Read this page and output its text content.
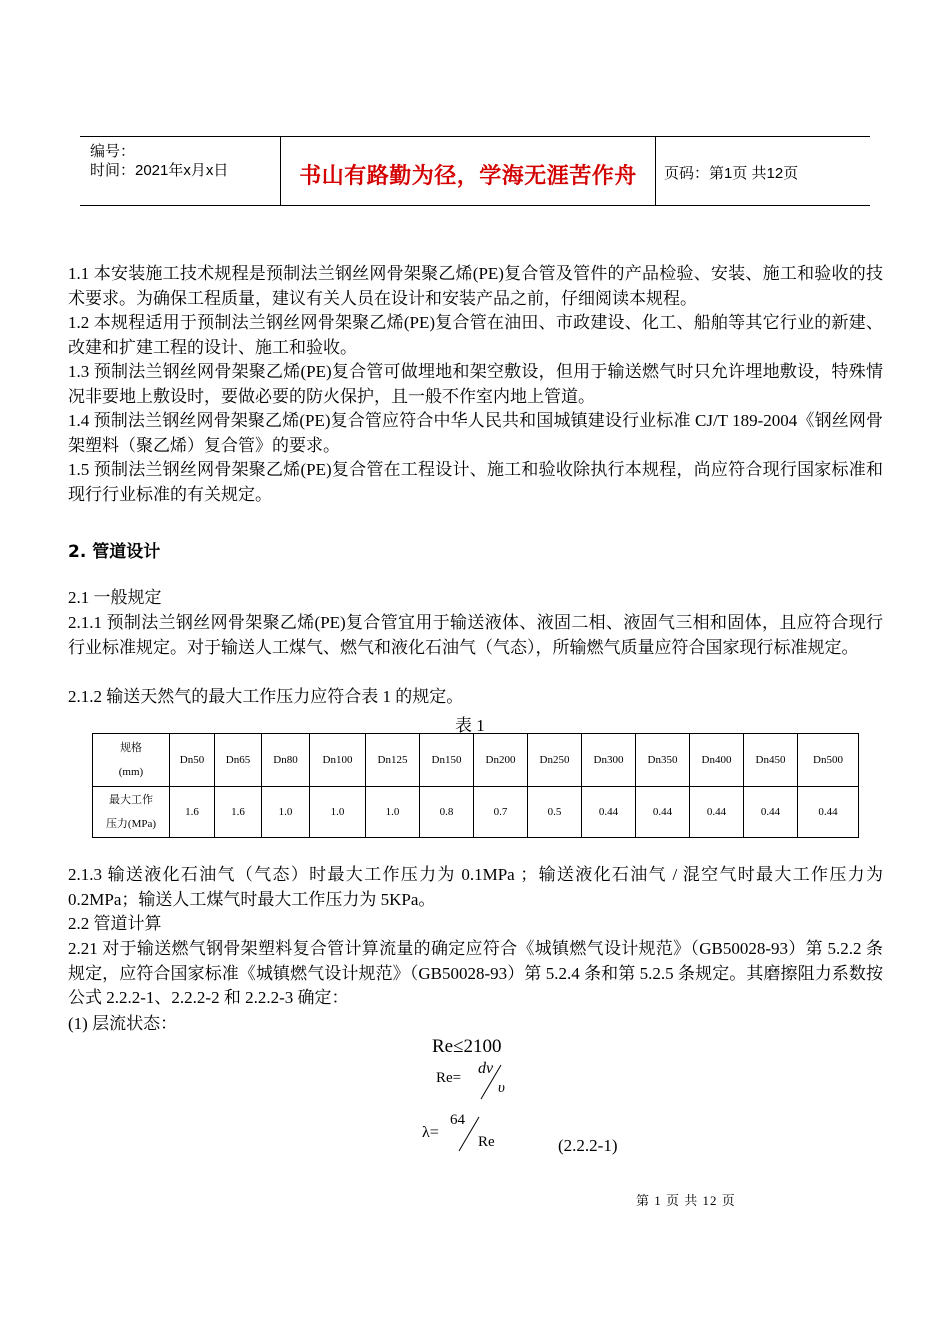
编号：
时间：2021年x月x日	书山有路勤为径，学海无涯苦作舟	页码：第1页 共12页
1.1 本安装施工技术规程是预制法兰钢丝网骨架聚乙烯(PE)复合管及管件的产品检验、安装、施工和验收的技术要求。为确保工程质量，建议有关人员在设计和安装产品之前，仔细阅读本规程。
1.2 本规程适用于预制法兰钢丝网骨架聚乙烯(PE)复合管在油田、市政建设、化工、船舶等其它行业的新建、改建和扩建工程的设计、施工和验收。
1.3 预制法兰钢丝网骨架聚乙烯(PE)复合管可做埋地和架空敷设，但用于输送燃气时只允许埋地敷设，特殊情况非要地上敷设时，要做必要的防火保护，且一般不作室内地上管道。
1.4 预制法兰钢丝网骨架聚乙烯(PE)复合管应符合中华人民共和国城镇建设行业标准 CJ/T 189-2004《钢丝网骨架塑料（聚乙烯）复合管》的要求。
1.5 预制法兰钢丝网骨架聚乙烯(PE)复合管在工程设计、施工和验收除执行本规程，尚应符合现行国家标准和现行行业标准的有关规定。
2. 管道设计
2.1 一般规定
2.1.1 预制法兰钢丝网骨架聚乙烯(PE)复合管宜用于输送液体、液固二相、液固气三相和固体，且应符合现行行业标准规定。对于输送人工煤气、燃气和液化石油气（气态），所输燃气质量应符合国家现行标准规定。
2.1.2 输送天然气的最大工作压力应符合表 1 的规定。
表 1
规格
(mm)	Dn50	Dn65	Dn80	Dn100	Dn125	Dn150	Dn200	Dn250	Dn300	Dn350	Dn400	Dn450	Dn500

最大工作
压力(MPa)	1.6	1.6	1.0	1.0	1.0	0.8	0.7	0.5	0.44	0.44	0.44	0.44	0.44
2.1.3 输送液化石油气（气态）时最大工作压力为 0.1MPa ；输送液化石油气 / 混空气时最大工作压力为 0.2MPa；输送人工煤气时最大工作压力为 5KPa。
2.2 管道计算
2.21 对于输送燃气钢骨架塑料复合管计算流量的确定应符合《城镇燃气设计规范》（GB50028-93）第 5.2.2 条规定，应符合国家标准《城镇燃气设计规范》（GB50028-93）第 5.2.4 条和第 5.2.5 条规定。其磨擦阻力系数按公式 2.2.2-1、2.2.2-2 和 2.2.2-3 确定：
(1) 层流状态：
Re≤2100
Re=
dv
υ
λ=
64
Re	(2.2.2-1)
第 1 页 共 12 页
